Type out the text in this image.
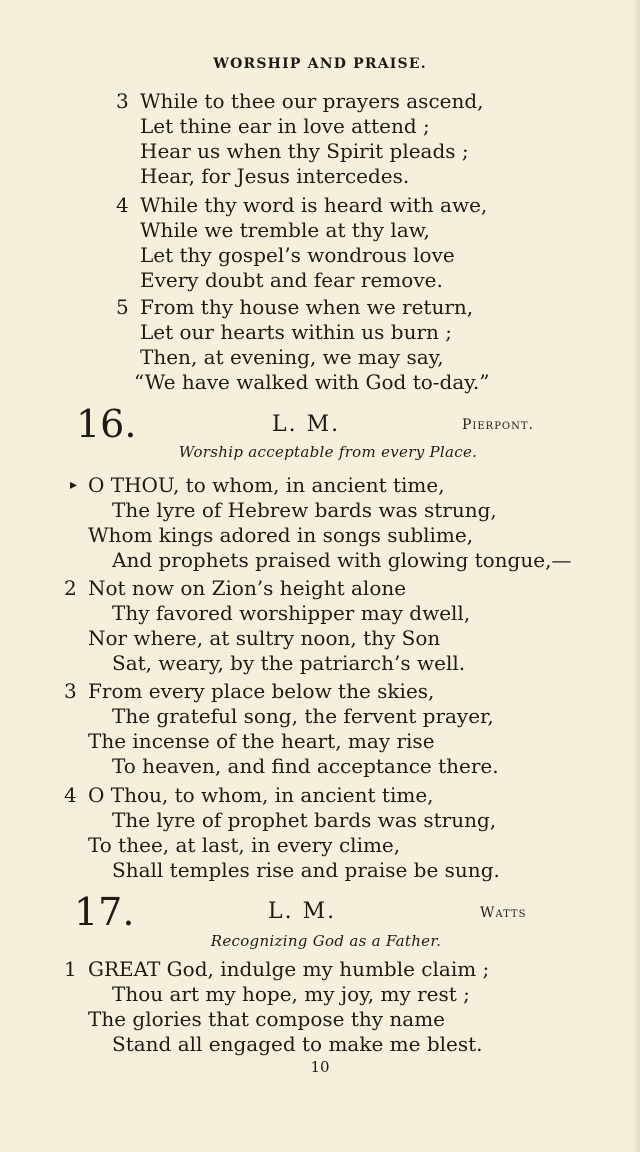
WORSHIP AND PRAISE.
3 While to thee our prayers ascend,
Let thine ear in love attend ;
Hear us when thy Spirit pleads ;
Hear, for Jesus intercedes.
4 While thy word is heard with awe,
While we tremble at thy law,
Let thy gospel’s wondrous love
Every doubt and fear remove.
5 From thy house when we return,
Let our hearts within us burn ;
Then, at evening, we may say,
“We have walked with God to-day.”
16.	L. M.	Pierpont.
Worship acceptable from every Place.
▸ O THOU, to whom, in ancient time,
The lyre of Hebrew bards was strung,
Whom kings adored in songs sublime,
And prophets praised with glowing tongue,—
2 Not now on Zion’s height alone
Thy favored worshipper may dwell,
Nor where, at sultry noon, thy Son
Sat, weary, by the patriarch’s well.
3 From every place below the skies,
The grateful song, the fervent prayer,
The incense of the heart, may rise
To heaven, and find acceptance there.
4 O Thou, to whom, in ancient time,
The lyre of prophet bards was strung,
To thee, at last, in every clime,
Shall temples rise and praise be sung.
17.	L. M.	Watts
Recognizing God as a Father.
1 GREAT God, indulge my humble claim ;
Thou art my hope, my joy, my rest ;
The glories that compose thy name
Stand all engaged to make me blest.
10
